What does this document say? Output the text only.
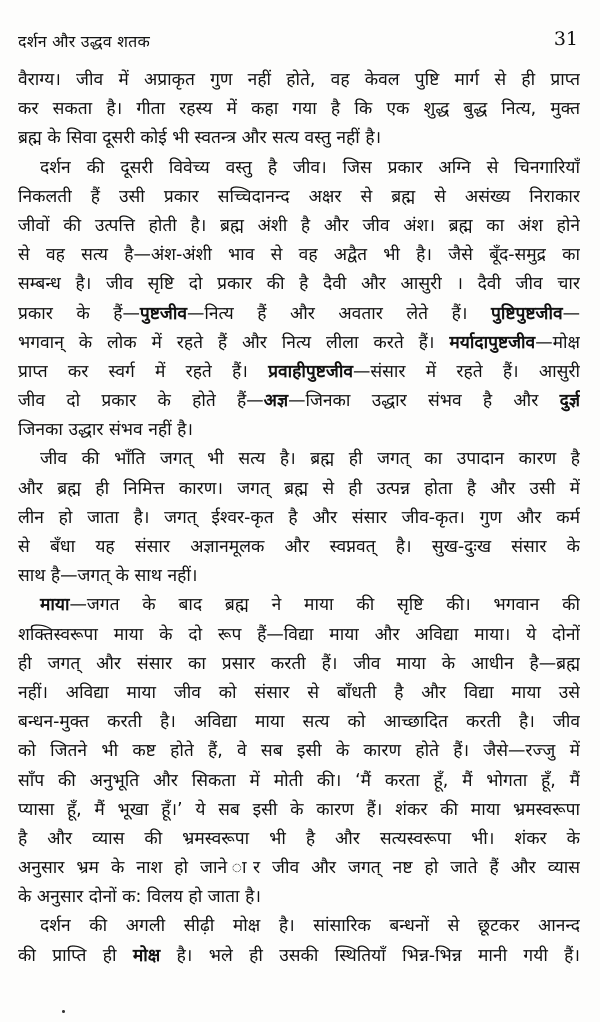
दर्शन और उद्धव शतक	31
वैराग्य। जीव में अप्राकृत गुण नहीं होते, वह केवल पुष्टि मार्ग से ही प्राप्त
कर सकता है। गीता रहस्य में कहा गया है कि एक शुद्ध बुद्ध नित्य, मुक्त
ब्रह्म के सिवा दूसरी कोई भी स्वतन्त्र और सत्य वस्तु नहीं है।
दर्शन की दूसरी विवेच्य वस्तु है जीव। जिस प्रकार अग्नि से चिनगारियाँ
निकलती हैं उसी प्रकार सच्चिदानन्द अक्षर से ब्रह्म से असंख्य निराकार
जीवों की उत्पत्ति होती है। ब्रह्म अंशी है और जीव अंश। ब्रह्म का अंश होने
से वह सत्य है—अंश-अंशी भाव से वह अद्वैत भी है। जैसे बूँद-समुद्र का
सम्बन्ध है। जीव सृष्टि दो प्रकार की है दैवी और आसुरी । दैवी जीव चार
प्रकार के हैं—पुष्टजीव—नित्य हैं और अवतार लेते हैं। पुष्टिपुष्टजीव—
भगवान् के लोक में रहते हैं और नित्य लीला करते हैं। मर्यादापुष्टजीव—मोक्ष
प्राप्त कर स्वर्ग में रहते हैं। प्रवाहीपुष्टजीव—संसार में रहते हैं। आसुरी
जीव दो प्रकार के होते हैं—अज्ञ—जिनका उद्धार संभव है और दुर्ज्ञ
जिनका उद्धार संभव नहीं है।
जीव की भाँति जगत् भी सत्य है। ब्रह्म ही जगत् का उपादान कारण है
और ब्रह्म ही निमित्त कारण। जगत् ब्रह्म से ही उत्पन्न होता है और उसी में
लीन हो जाता है। जगत् ईश्वर-कृत है और संसार जीव-कृत। गुण और कर्म
से बँधा यह संसार अज्ञानमूलक और स्वप्नवत् है। सुख-दुःख संसार के
साथ है—जगत् के साथ नहीं।
माया—जगत के बाद ब्रह्म ने माया की सृष्टि की। भगवान की
शक्तिस्वरूपा माया के दो रूप हैं—विद्या माया और अविद्या माया। ये दोनों
ही जगत् और संसार का प्रसार करती हैं। जीव माया के आधीन है—ब्रह्म
नहीं। अविद्या माया जीव को संसार से बाँधती है और विद्या माया उसे
बन्धन-मुक्त करती है। अविद्या माया सत्य को आच्छादित करती है। जीव
को जितने भी कष्ट होते हैं, वे सब इसी के कारण होते हैं। जैसे—रज्जु में
साँप की अनुभूति और सिकता में मोती की। ‘मैं करता हूँ, मैं भोगता हूँ, मैं
प्यासा हूँ, मैं भूखा हूँ।’ ये सब इसी के कारण हैं। शंकर की माया भ्रमस्वरूपा
है और व्यास की भ्रमस्वरूपा भी है और सत्यस्वरूपा भी। शंकर के
अनुसार भ्रम के नाश हो जाने ार जीव और जगत् नष्ट हो जाते हैं और व्यास
के अनुसार दोनों क: विलय हो जाता है।
दर्शन की अगली सीढ़ी मोक्ष है। सांसारिक बन्धनों से छूटकर आनन्द
की प्राप्ति ही मोक्ष है। भले ही उसकी स्थितियाँ भिन्न-भिन्न मानी गयी हैं।
